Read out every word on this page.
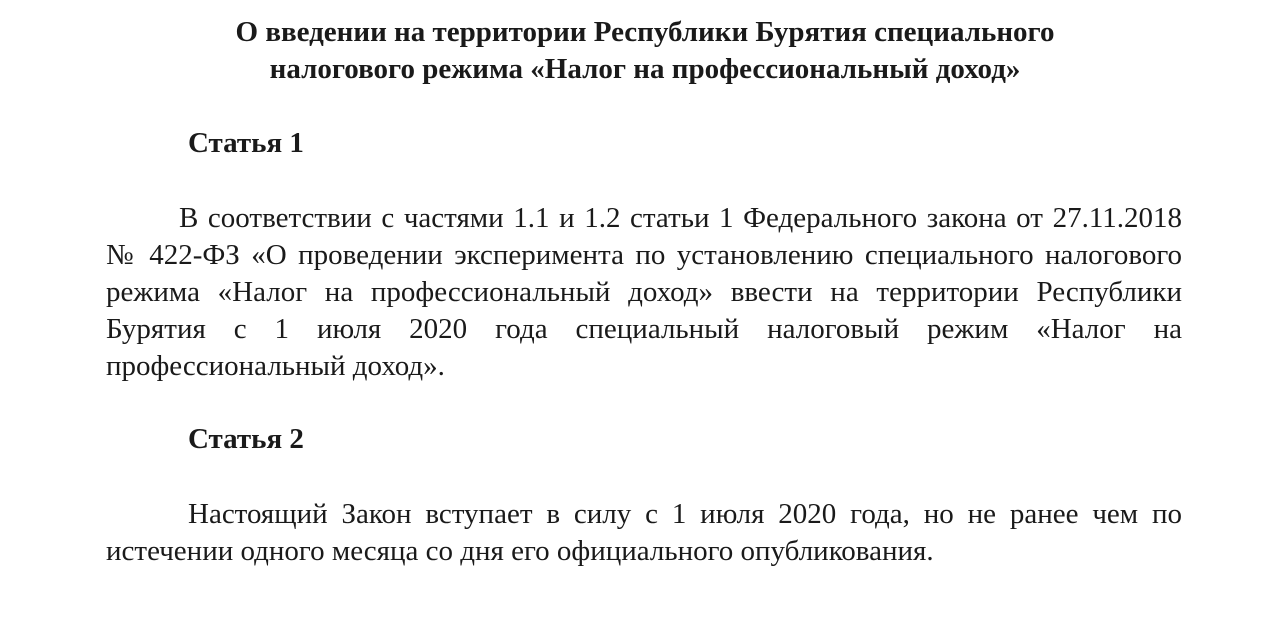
О введении на территории Республики Бурятия специального налогового режима «Налог на профессиональный доход»
Статья 1

В соответствии с частями 1.1 и 1.2 статьи 1 Федерального закона от 27.11.2018 № 422-ФЗ «О проведении эксперимента по установлению специального налогового режима «Налог на профессиональный доход» ввести на территории Республики Бурятия с 1 июля 2020 года специальный налоговый режим «Налог на профессиональный доход».

Статья 2

Настоящий Закон вступает в силу с 1 июля 2020 года, но не ранее чем по истечении одного месяца со дня его официального опубликования.
